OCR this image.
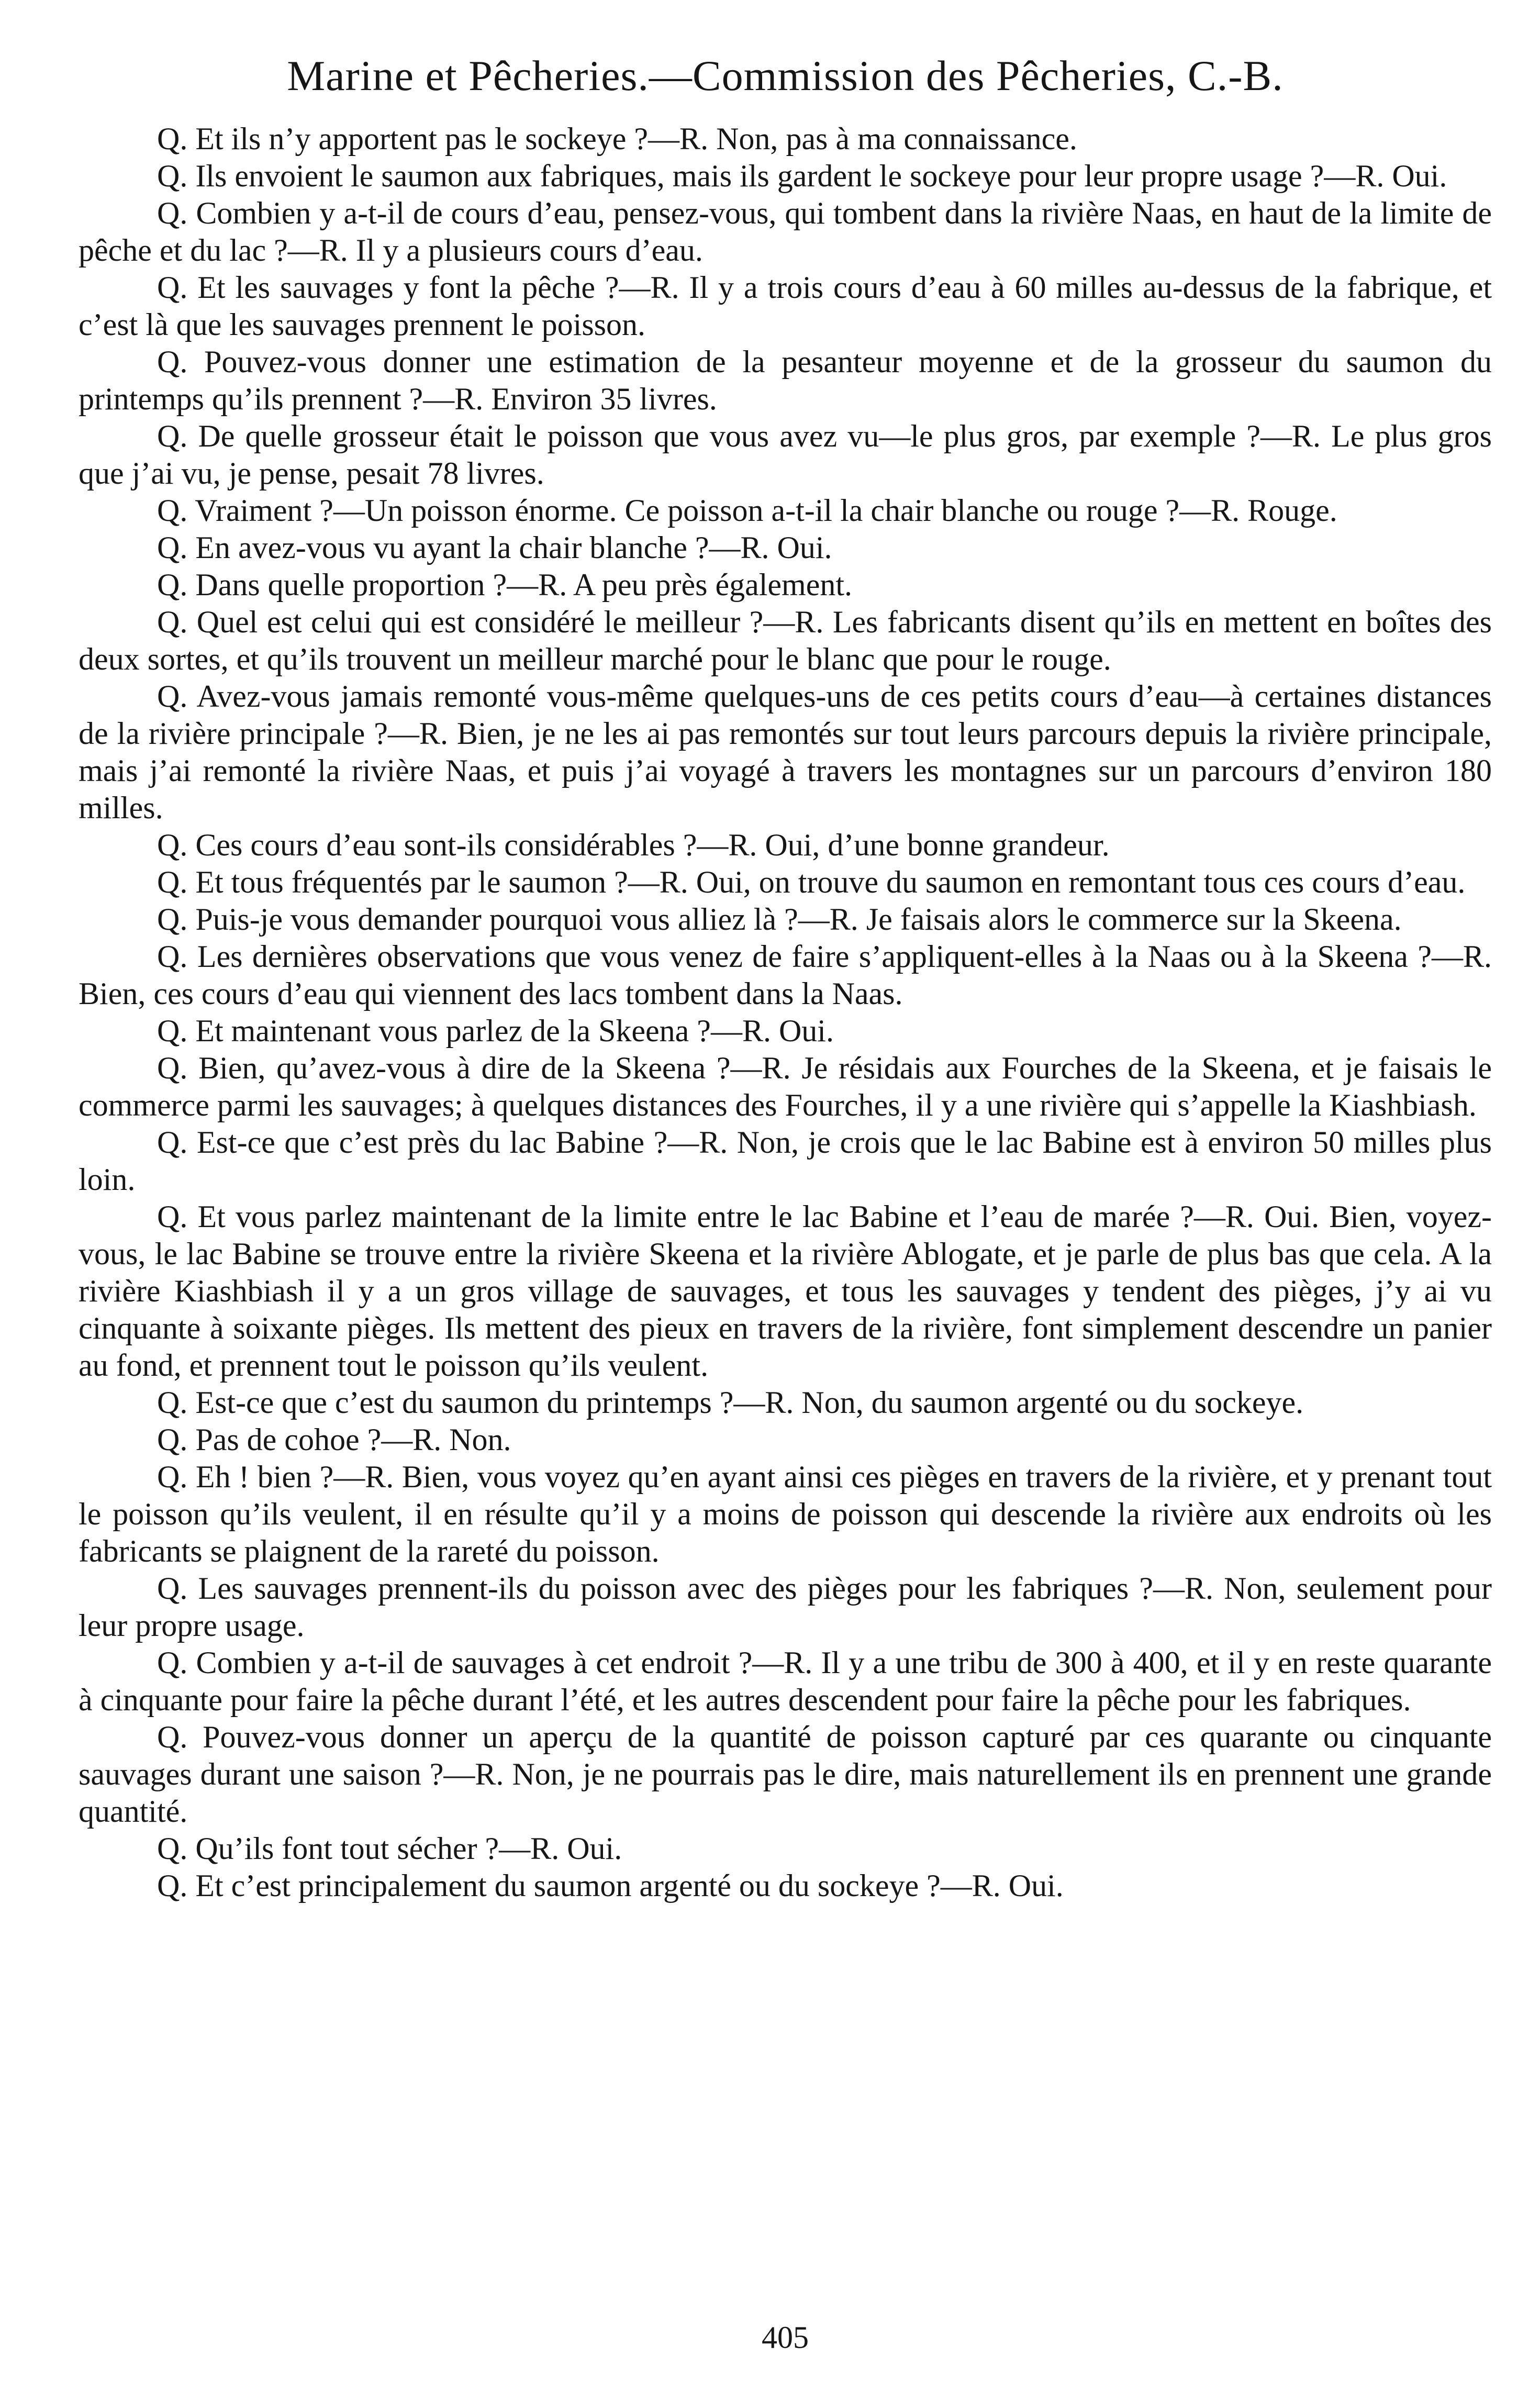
Marine et Pêcheries.—Commission des Pêcheries, C.-B.

Q. Et ils n’y apportent pas le sockeye ?—R. Non, pas à ma connaissance.

Q. Ils envoient le saumon aux fabriques, mais ils gardent le sockeye pour leur propre usage ?—R. Oui.

Q. Combien y a-t-il de cours d’eau, pensez-vous, qui tombent dans la rivière Naas, en haut de la limite de pêche et du lac ?—R. Il y a plusieurs cours d’eau.

Q. Et les sauvages y font la pêche ?—R. Il y a trois cours d’eau à 60 milles au-dessus de la fabrique, et c’est là que les sauvages prennent le poisson.

Q. Pouvez-vous donner une estimation de la pesanteur moyenne et de la grosseur du saumon du printemps qu’ils prennent ?—R. Environ 35 livres.

Q. De quelle grosseur était le poisson que vous avez vu—le plus gros, par exemple ?—R. Le plus gros que j’ai vu, je pense, pesait 78 livres.

Q. Vraiment ?—Un poisson énorme. Ce poisson a-t-il la chair blanche ou rouge ?—R. Rouge.

Q. En avez-vous vu ayant la chair blanche ?—R. Oui.

Q. Dans quelle proportion ?—R. A peu près également.

Q. Quel est celui qui est considéré le meilleur ?—R. Les fabricants disent qu’ils en mettent en boîtes des deux sortes, et qu’ils trouvent un meilleur marché pour le blanc que pour le rouge.

Q. Avez-vous jamais remonté vous-même quelques-uns de ces petits cours d’eau—à certaines distances de la rivière principale ?—R. Bien, je ne les ai pas remontés sur tout leurs parcours depuis la rivière principale, mais j’ai remonté la rivière Naas, et puis j’ai voyagé à travers les montagnes sur un parcours d’environ 180 milles.

Q. Ces cours d’eau sont-ils considérables ?—R. Oui, d’une bonne grandeur.

Q. Et tous fréquentés par le saumon ?—R. Oui, on trouve du saumon en remontant tous ces cours d’eau.

Q. Puis-je vous demander pourquoi vous alliez là ?—R. Je faisais alors le commerce sur la Skeena.

Q. Les dernières observations que vous venez de faire s’appliquent-elles à la Naas ou à la Skeena ?—R. Bien, ces cours d’eau qui viennent des lacs tombent dans la Naas.

Q. Et maintenant vous parlez de la Skeena ?—R. Oui.

Q. Bien, qu’avez-vous à dire de la Skeena ?—R. Je résidais aux Fourches de la Skeena, et je faisais le commerce parmi les sauvages; à quelques distances des Fourches, il y a une rivière qui s’appelle la Kiashbiash.

Q. Est-ce que c’est près du lac Babine ?—R. Non, je crois que le lac Babine est à environ 50 milles plus loin.

Q. Et vous parlez maintenant de la limite entre le lac Babine et l’eau de marée ?—R. Oui. Bien, voyez-vous, le lac Babine se trouve entre la rivière Skeena et la rivière Ablogate, et je parle de plus bas que cela. A la rivière Kiashbiash il y a un gros village de sauvages, et tous les sauvages y tendent des pièges, j’y ai vu cinquante à soixante pièges. Ils mettent des pieux en travers de la rivière, font simplement descendre un panier au fond, et prennent tout le poisson qu’ils veulent.

Q. Est-ce que c’est du saumon du printemps ?—R. Non, du saumon argenté ou du sockeye.

Q. Pas de cohoe ?—R. Non.

Q. Eh ! bien ?—R. Bien, vous voyez qu’en ayant ainsi ces pièges en travers de la rivière, et y prenant tout le poisson qu’ils veulent, il en résulte qu’il y a moins de poisson qui descende la rivière aux endroits où les fabricants se plaignent de la rareté du poisson.

Q. Les sauvages prennent-ils du poisson avec des pièges pour les fabriques ?—R. Non, seulement pour leur propre usage.

Q. Combien y a-t-il de sauvages à cet endroit ?—R. Il y a une tribu de 300 à 400, et il y en reste quarante à cinquante pour faire la pêche durant l’été, et les autres descendent pour faire la pêche pour les fabriques.

Q. Pouvez-vous donner un aperçu de la quantité de poisson capturé par ces quarante ou cinquante sauvages durant une saison ?—R. Non, je ne pourrais pas le dire, mais naturellement ils en prennent une grande quantité.

Q. Qu’ils font tout sécher ?—R. Oui.

Q. Et c’est principalement du saumon argenté ou du sockeye ?—R. Oui.

405
